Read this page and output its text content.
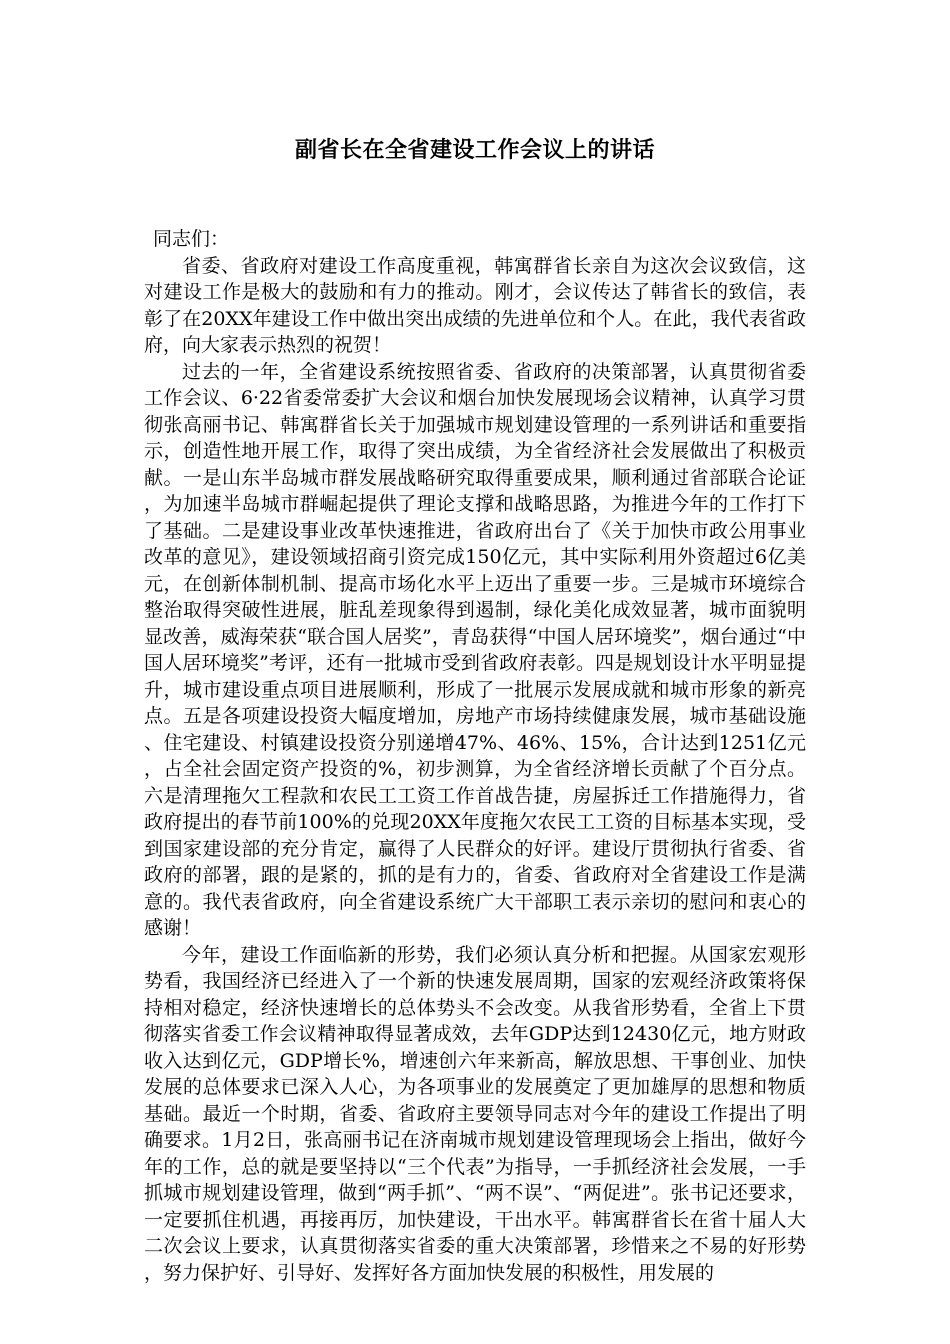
副省长在全省建设工作会议上的讲话

同志们：

省委、省政府对建设工作高度重视，韩寓群省长亲自为这次会议致信，这对建设工作是极大的鼓励和有力的推动。刚才，会议传达了韩省长的致信，表彰了在20XX年建设工作中做出突出成绩的先进单位和个人。在此，我代表省政府，向大家表示热烈的祝贺！

过去的一年，全省建设系统按照省委、省政府的决策部署，认真贯彻省委工作会议、6·22省委常委扩大会议和烟台加快发展现场会议精神，认真学习贯彻张高丽书记、韩寓群省长关于加强城市规划建设管理的一系列讲话和重要指示，创造性地开展工作，取得了突出成绩，为全省经济社会发展做出了积极贡献。一是山东半岛城市群发展战略研究取得重要成果，顺利通过省部联合论证，为加速半岛城市群崛起提供了理论支撑和战略思路，为推进今年的工作打下了基础。二是建设事业改革快速推进，省政府出台了《关于加快市政公用事业改革的意见》，建设领域招商引资完成150亿元，其中实际利用外资超过6亿美元，在创新体制机制、提高市场化水平上迈出了重要一步。三是城市环境综合整治取得突破性进展，脏乱差现象得到遏制，绿化美化成效显著，城市面貌明显改善，威海荣获“联合国人居奖”，青岛获得“中国人居环境奖”，烟台通过“中国人居环境奖”考评，还有一批城市受到省政府表彰。四是规划设计水平明显提升，城市建设重点项目进展顺利，形成了一批展示发展成就和城市形象的新亮点。五是各项建设投资大幅度增加，房地产市场持续健康发展，城市基础设施、住宅建设、村镇建设投资分别递增47%、46%、15%，合计达到1251亿元，占全社会固定资产投资的%，初步测算，为全省经济增长贡献了个百分点。六是清理拖欠工程款和农民工工资工作首战告捷，房屋拆迁工作措施得力，省政府提出的春节前100%的兑现20XX年度拖欠农民工工资的目标基本实现，受到国家建设部的充分肯定，赢得了人民群众的好评。建设厅贯彻执行省委、省政府的部署，跟的是紧的，抓的是有力的，省委、省政府对全省建设工作是满意的。我代表省政府，向全省建设系统广大干部职工表示亲切的慰问和衷心的感谢！

今年，建设工作面临新的形势，我们必须认真分析和把握。从国家宏观形势看，我国经济已经进入了一个新的快速发展周期，国家的宏观经济政策将保持相对稳定，经济快速增长的总体势头不会改变。从我省形势看，全省上下贯彻落实省委工作会议精神取得显著成效，去年GDP达到12430亿元，地方财政收入达到亿元，GDP增长%，增速创六年来新高，解放思想、干事创业、加快发展的总体要求已深入人心，为各项事业的发展奠定了更加雄厚的思想和物质基础。最近一个时期，省委、省政府主要领导同志对今年的建设工作提出了明确要求。1月2日，张高丽书记在济南城市规划建设管理现场会上指出，做好今年的工作，总的就是要坚持以“三个代表”为指导，一手抓经济社会发展，一手抓城市规划建设管理，做到“两手抓”、“两不误”、“两促进”。张书记还要求，一定要抓住机遇，再接再厉，加快建设，干出水平。韩寓群省长在省十届人大二次会议上要求，认真贯彻落实省委的重大决策部署，珍惜来之不易的好形势，努力保护好、引导好、发挥好各方面加快发展的积极性，用发展的
